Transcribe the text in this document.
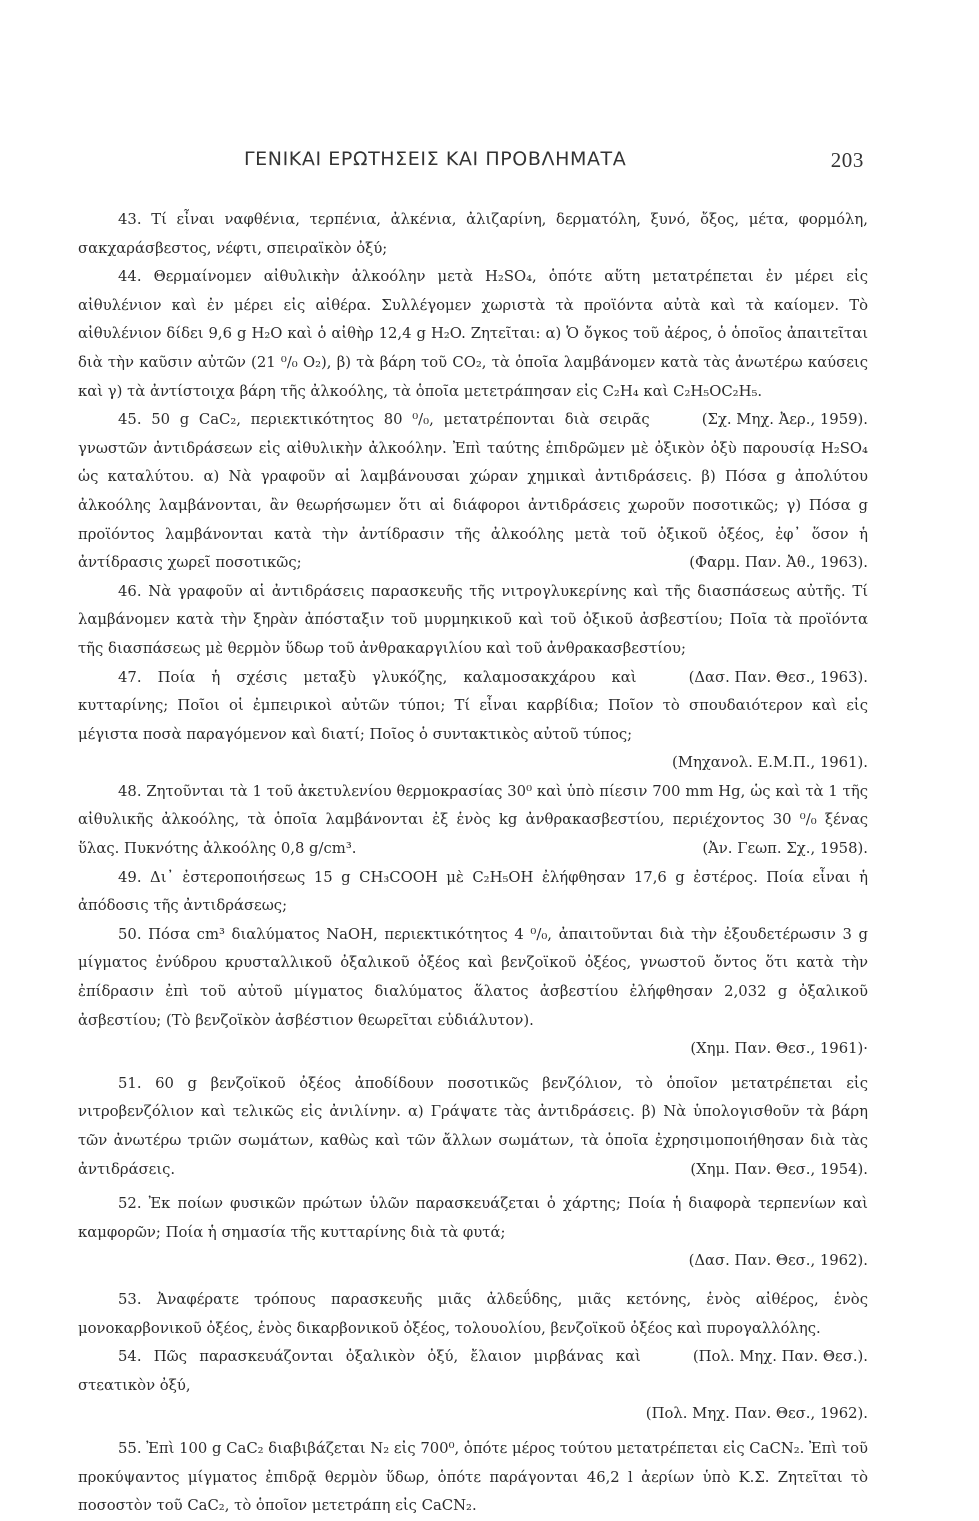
ΓΕΝΙΚΑΙ ΕΡΩΤΗΣΕΙΣ ΚΑΙ ΠΡΟΒΛΗΜΑΤΑ	203

43. Τί εἶναι ναφθένια, τερπένια, ἀλκένια, ἀλιζαρίνη, δερματόλη, ξυνό, ὄξος, μέτα, φορμόλη, σακχαράσβεστος, νέφτι, σπειραϊκὸν ὀξύ;

44. Θερμαίνομεν αἰθυλικὴν ἀλκοόλην μετὰ H₂SO₄, ὁπότε αὕτη μετατρέπεται ἐν μέρει εἰς αἰθυλένιον καὶ ἐν μέρει εἰς αἰθέρα. Συλλέγομεν χωριστὰ τὰ προϊόντα αὐτὰ καὶ τὰ καίομεν. Τὸ αἰθυλένιον δίδει 9,6 g H₂O καὶ ὁ αἰθὴρ 12,4 g H₂O. Ζητεῖται: α) Ὁ ὄγκος τοῦ ἀέρος, ὁ ὁποῖος ἀπαιτεῖται διὰ τὴν καῦσιν αὐτῶν (21 ⁰/₀ O₂), β) τὰ βάρη τοῦ CO₂, τὰ ὁποῖα λαμβάνομεν κατὰ τὰς ἀνωτέρω καύσεις καὶ γ) τὰ ἀντίστοιχα βάρη τῆς ἀλκοόλης, τὰ ὁποῖα μετετράπησαν εἰς C₂H₄ καὶ C₂H₅OC₂H₅.
(Σχ. Μηχ. Ἀερ., 1959).

45. 50 g CaC₂, περιεκτικότητος 80 ⁰/₀, μετατρέπονται διὰ σειρᾶς γνωστῶν ἀντιδράσεων εἰς αἰθυλικὴν ἀλκοόλην. Ἐπὶ ταύτης ἐπιδρῶμεν μὲ ὀξικὸν ὀξὺ παρουσίᾳ H₂SO₄ ὡς καταλύτου. α) Νὰ γραφοῦν αἱ λαμβάνουσαι χώραν χημικαὶ ἀντιδράσεις. β) Πόσα g ἀπολύτου ἀλκοόλης λαμβάνονται, ἂν θεωρήσωμεν ὅτι αἱ διάφοροι ἀντιδράσεις χωροῦν ποσοτικῶς; γ) Πόσα g προϊόντος λαμβάνονται κατὰ τὴν ἀντίδρασιν τῆς ἀλκοόλης μετὰ τοῦ ὀξικοῦ ὀξέος, ἐφ᾽ ὅσον ἡ ἀντίδρασις χωρεῖ ποσοτικῶς;	(Φαρμ. Παν. Ἀθ., 1963).

46. Νὰ γραφοῦν αἱ ἀντιδράσεις παρασκευῆς τῆς νιτρογλυκερίνης καὶ τῆς διασπάσεως αὐτῆς. Τί λαμβάνομεν κατὰ τὴν ξηρὰν ἀπόσταξιν τοῦ μυρμηκικοῦ καὶ τοῦ ὀξικοῦ ἀσβεστίου; Ποῖα τὰ προϊόντα τῆς διασπάσεως μὲ θερμὸν ὕδωρ τοῦ ἀνθρακαργιλίου καὶ τοῦ ἀνθρακασβεστίου;
(Δασ. Παν. Θεσ., 1963).

47. Ποία ἡ σχέσις μεταξὺ γλυκόζης, καλαμοσακχάρου καὶ κυτταρίνης; Ποῖοι οἱ ἐμπειρικοὶ αὐτῶν τύποι; Τί εἶναι καρβίδια; Ποῖον τὸ σπουδαιότερον καὶ εἰς μέγιστα ποσὰ παραγόμενον καὶ διατί; Ποῖος ὁ συντακτικὸς αὐτοῦ τύπος;
(Μηχανολ. Ε.Μ.Π., 1961).

48. Ζητοῦνται τὰ 1 τοῦ ἀκετυλενίου θερμοκρασίας 30⁰ καὶ ὑπὸ πίεσιν 700 mm Hg, ὡς καὶ τὰ 1 τῆς αἰθυλικῆς ἀλκοόλης, τὰ ὁποῖα λαμβάνονται ἐξ ἑνὸς kg ἀνθρακασβεστίου, περιέχοντος 30 ⁰/₀ ξένας ὕλας. Πυκνότης ἀλκοόλης 0,8 g/cm³.	(Ἀν. Γεωπ. Σχ., 1958).

49. Δι᾽ ἐστεροποιήσεως 15 g CH₃COOH μὲ C₂H₅OH ἐλήφθησαν 17,6 g ἐστέρος. Ποία εἶναι ἡ ἀπόδοσις τῆς ἀντιδράσεως;

50. Πόσα cm³ διαλύματος NaOH, περιεκτικότητος 4 ⁰/₀, ἀπαιτοῦνται διὰ τὴν ἐξουδετέρωσιν 3 g μίγματος ἐνύδρου κρυσταλλικοῦ ὀξαλικοῦ ὀξέος καὶ βενζοϊκοῦ ὀξέος, γνωστοῦ ὄντος ὅτι κατὰ τὴν ἐπίδρασιν ἐπὶ τοῦ αὐτοῦ μίγματος διαλύματος ἅλατος ἀσβεστίου ἐλήφθησαν 2,032 g ὀξαλικοῦ ἀσβεστίου; (Τὸ βενζοϊκὸν ἀσβέστιον θεωρεῖται εὐδιάλυτον).
(Χημ. Παν. Θεσ., 1961)·

51. 60 g βενζοϊκοῦ ὀξέος ἀποδίδουν ποσοτικῶς βενζόλιον, τὸ ὁποῖον μετατρέπεται εἰς νιτροβενζόλιον καὶ τελικῶς εἰς ἀνιλίνην. α) Γράψατε τὰς ἀντιδράσεις. β) Νὰ ὑπολογισθοῦν τὰ βάρη τῶν ἀνωτέρω τριῶν σωμάτων, καθὼς καὶ τῶν ἄλλων σωμάτων, τὰ ὁποῖα ἐχρησιμοποιήθησαν διὰ τὰς ἀντιδράσεις.	(Χημ. Παν. Θεσ., 1954).

52. Ἐκ ποίων φυσικῶν πρώτων ὑλῶν παρασκευάζεται ὁ χάρτης; Ποία ἡ διαφορὰ τερπενίων καὶ καμφορῶν; Ποία ἡ σημασία τῆς κυτταρίνης διὰ τὰ φυτά;
(Δασ. Παν. Θεσ., 1962).

53. Ἀναφέρατε τρόπους παρασκευῆς μιᾶς ἀλδεΰδης, μιᾶς κετόνης, ἑνὸς αἰθέρος, ἑνὸς μονοκαρβονικοῦ ὀξέος, ἑνὸς δικαρβονικοῦ ὀξέος, τολουολίου, βενζοϊκοῦ ὀξέος καὶ πυρογαλλόλης.
(Πολ. Μηχ. Παν. Θεσ.).

54. Πῶς παρασκευάζονται ὀξαλικὸν ὀξύ, ἔλαιον μιρβάνας καὶ στεατικὸν ὀξύ,
(Πολ. Μηχ. Παν. Θεσ., 1962).

55. Ἐπὶ 100 g CaC₂ διαβιβάζεται N₂ εἰς 700⁰, ὁπότε μέρος τούτου μετατρέπεται εἰς CaCN₂. Ἐπὶ τοῦ προκύψαντος μίγματος ἐπιδρᾷ θερμὸν ὕδωρ, ὁπότε παράγονται 46,2 l ἀερίων ὑπὸ Κ.Σ. Ζητεῖται τὸ ποσοστὸν τοῦ CaC₂, τὸ ὁποῖον μετετράπη εἰς CaCN₂.
